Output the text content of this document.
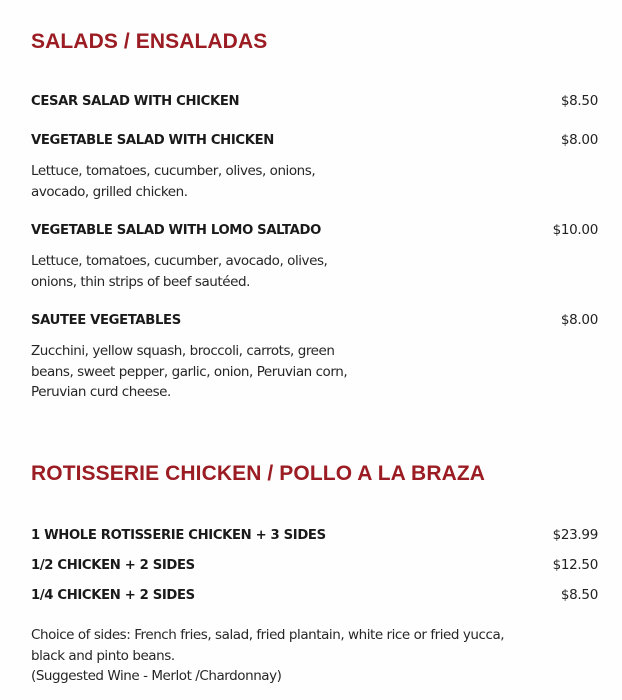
SALADS / ENSALADAS
CESAR SALAD WITH CHICKEN	$8.50
VEGETABLE SALAD WITH CHICKEN	$8.00
Lettuce, tomatoes, cucumber, olives, onions,
avocado, grilled chicken.
VEGETABLE SALAD WITH LOMO SALTADO	$10.00
Lettuce, tomatoes, cucumber, avocado, olives,
onions, thin strips of beef sautéed.
SAUTEE VEGETABLES	$8.00
Zucchini, yellow squash, broccoli, carrots, green
beans, sweet pepper, garlic, onion, Peruvian corn,
Peruvian curd cheese.
ROTISSERIE CHICKEN / POLLO A LA BRAZA
1 WHOLE ROTISSERIE CHICKEN + 3 SIDES	$23.99
1/2 CHICKEN + 2 SIDES	$12.50
1/4 CHICKEN + 2 SIDES	$8.50
Choice of sides: French fries, salad, fried plantain, white rice or fried yucca,
black and pinto beans.
(Suggested Wine - Merlot /Chardonnay)
